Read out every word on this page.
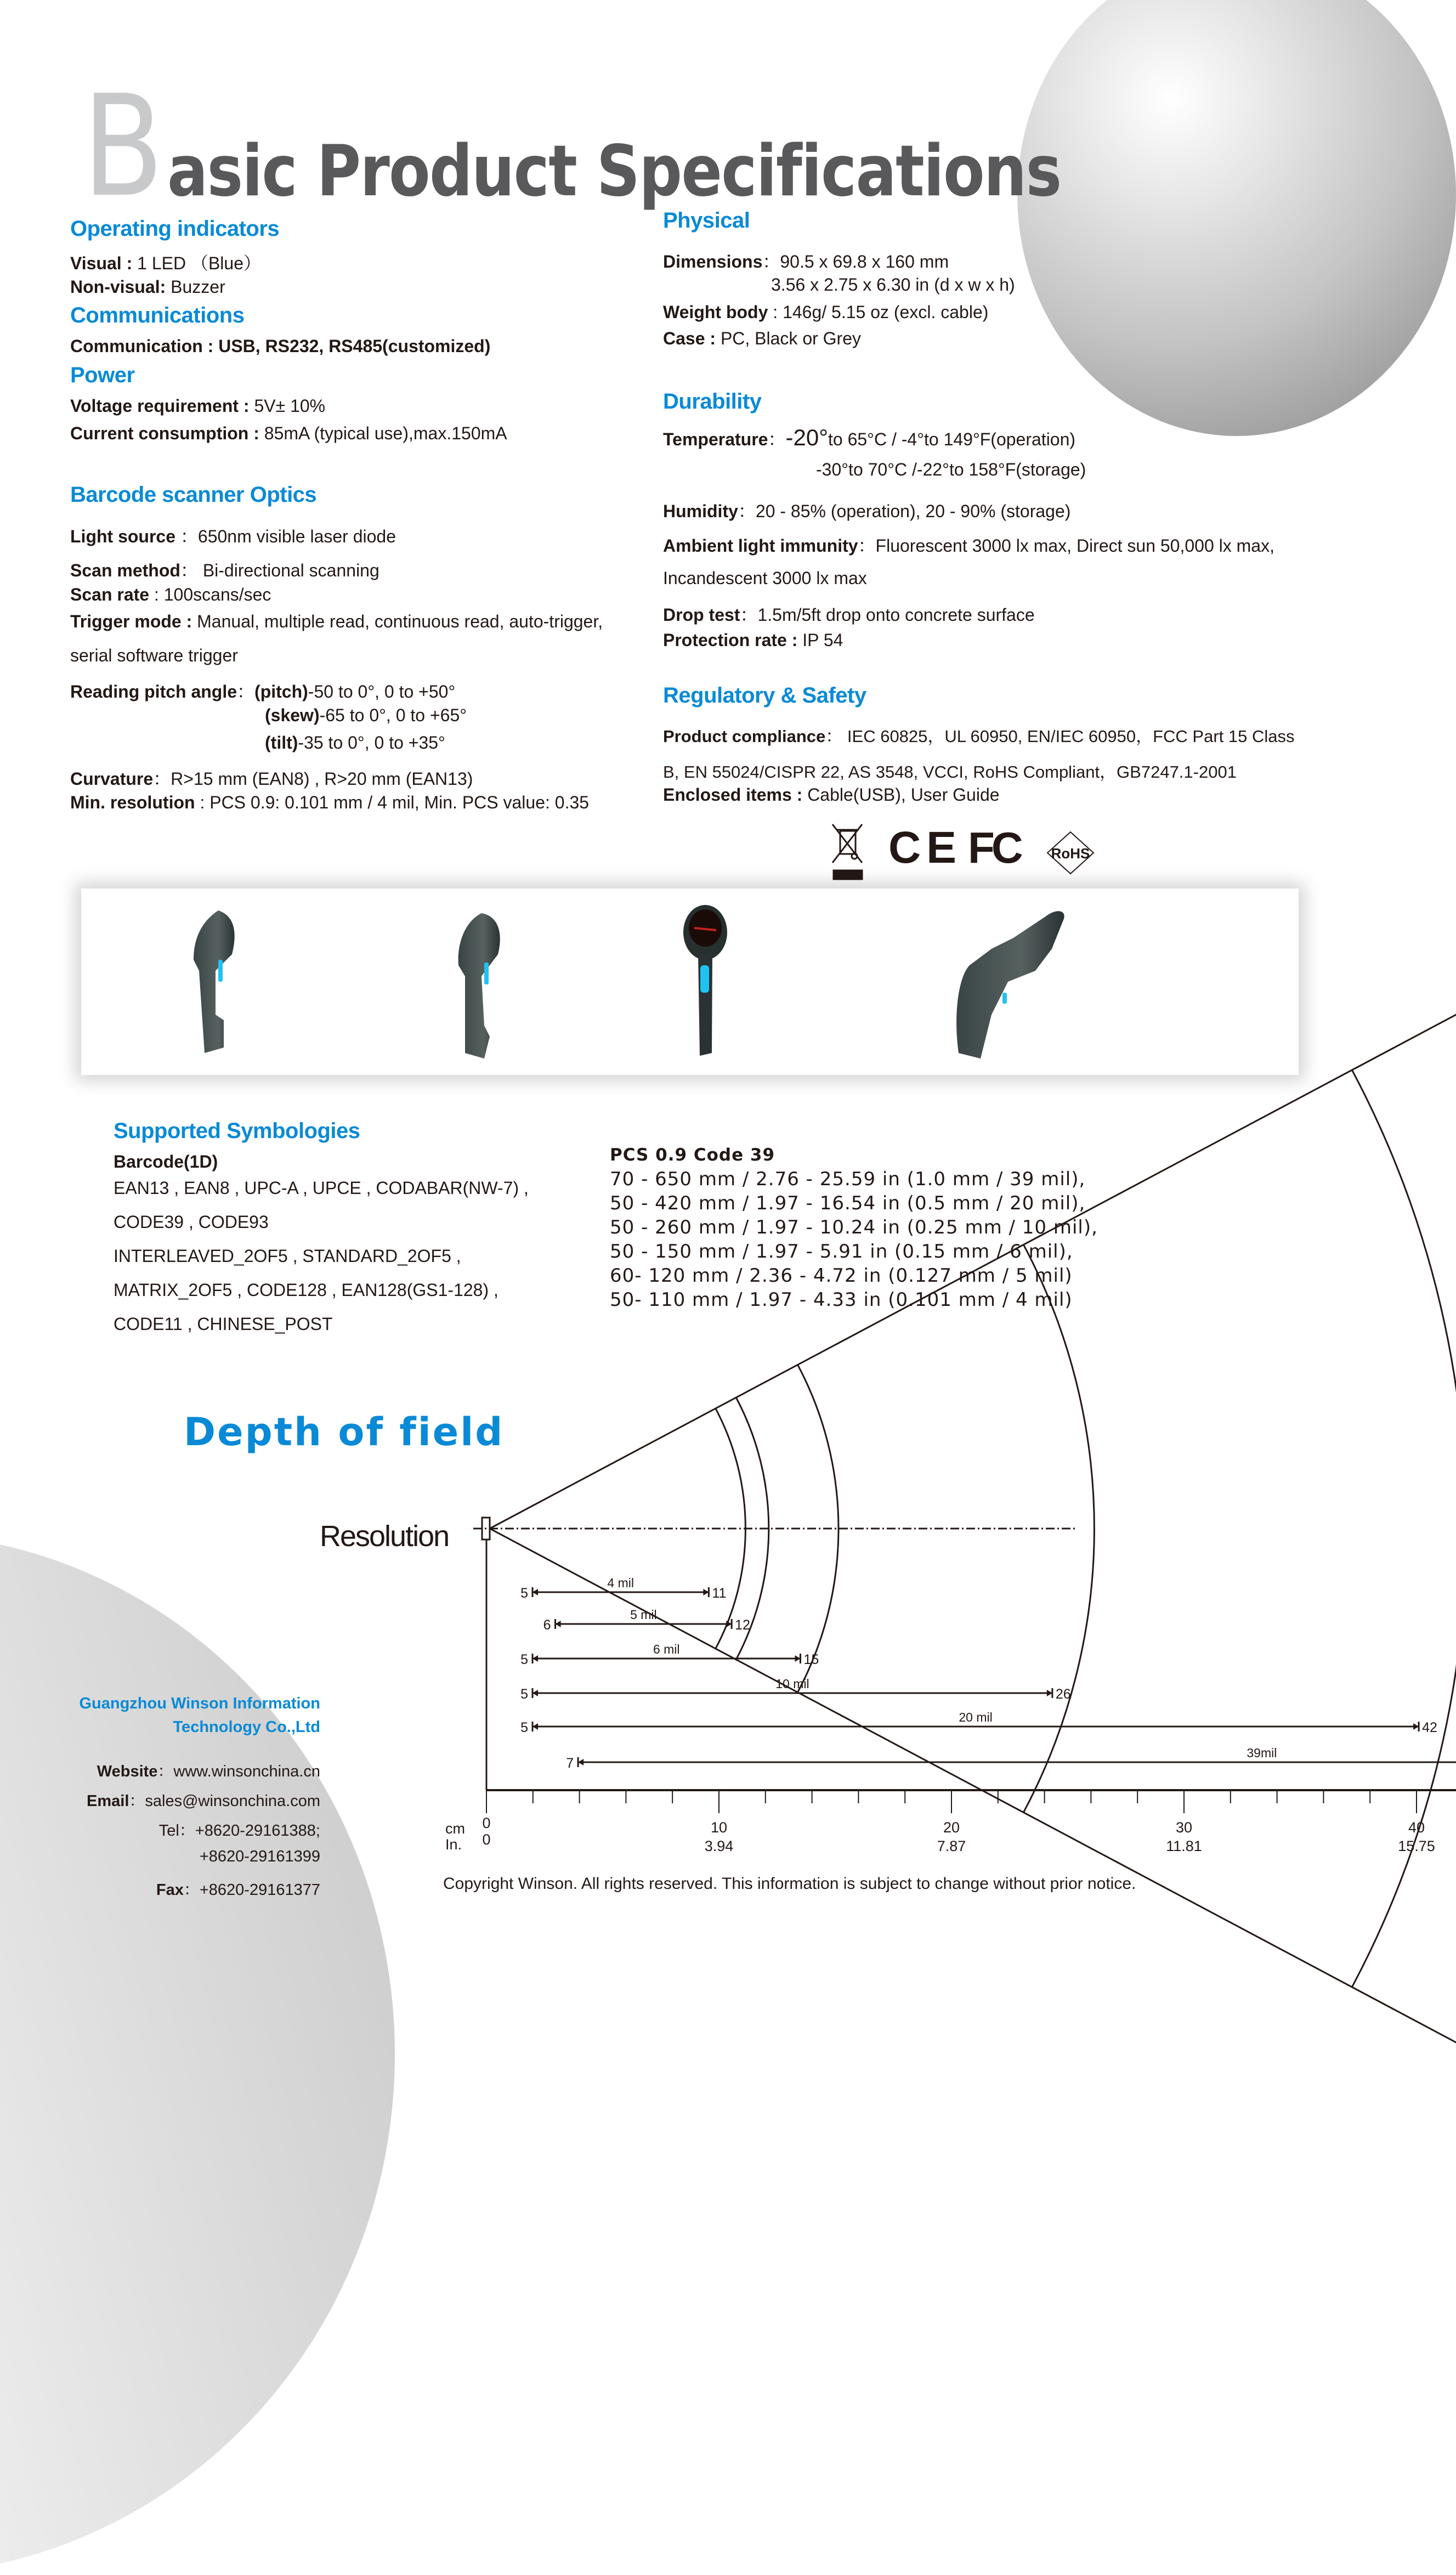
B asic Product Specifications
Operating indicators
Visual : 1 LED （Blue）
Non-visual: Buzzer
Communications
Communication : USB, RS232, RS485(customized)
Power
Voltage requirement : 5V± 10%
Current consumption : 85mA (typical use),max.150mA
Barcode scanner Optics
Light source ：650nm visible laser diode
Scan method： Bi-directional scanning
Scan rate : 100scans/sec
Trigger mode : Manual, multiple read, continuous read, auto-trigger,
serial software trigger
Reading pitch angle：(pitch)-50 to 0°, 0 to +50°
(skew)-65 to 0°, 0 to +65°
(tilt)-35 to 0°, 0 to +35°
Curvature：R>15 mm (EAN8) , R>20 mm (EAN13)
Min. resolution : PCS 0.9: 0.101 mm / 4 mil, Min. PCS value: 0.35
Physical
Dimensions：90.5 x 69.8 x 160 mm
3.56 x 2.75 x 6.30 in (d x w x h)
Weight body : 146g/ 5.15 oz (excl. cable)
Case : PC, Black or Grey
Durability
Temperature：-20°to 65°C / -4°to 149°F(operation)
-30°to 70°C /-22°to 158°F(storage)
Humidity：20 - 85% (operation), 20 - 90% (storage)
Ambient light immunity：Fluorescent 3000 lx max, Direct sun 50,000 lx max,
Incandescent 3000 lx max
Drop test：1.5m/5ft drop onto concrete surface
Protection rate : IP 54
Regulatory & Safety
Product compliance： IEC 60825，UL 60950, EN/IEC 60950，FCC Part 15 Class
B, EN 55024/CISPR 22, AS 3548, VCCI, RoHS Compliant，GB7247.1-2001
Enclosed items : Cable(USB), User Guide
CE FC RoHS
Supported Symbologies
Barcode(1D)
EAN13 , EAN8 , UPC-A , UPCE , CODABAR(NW-7) ,
CODE39 , CODE93
INTERLEAVED_2OF5 , STANDARD_2OF5 ,
MATRIX_2OF5 , CODE128 , EAN128(GS1-128) ,
CODE11 , CHINESE_POST
PCS 0.9 Code 39
70 - 650 mm / 2.76 - 25.59 in (1.0 mm / 39 mil),
50 - 420 mm / 1.97 - 16.54 in (0.5 mm / 20 mil),
50 - 260 mm / 1.97 - 10.24 in (0.25 mm / 10 mil),
50 - 150 mm / 1.97 - 5.91 in (0.15 mm / 6 mil),
60- 120 mm / 2.36 - 4.72 in (0.127 mm / 5 mil)
50- 110 mm / 1.97 - 4.33 in (0.101 mm / 4 mil)
Depth of field
Resolution
cm
In.
0	10	20	30	40
0	3.94	7.87	11.81	15.75
5	11
4 mil
6	12
5 mil
5	15
6 mil
5	26
10 mil
5	42
20 mil
7
39mil
Guangzhou Winson Information
Technology Co.,Ltd
Website：www.winsonchina.cn
Email：sales@winsonchina.com
Tel：+8620-29161388;
+8620-29161399
Fax：+8620-29161377	Copyright Winson. All rights reserved. This information is subject to change without prior notice.
